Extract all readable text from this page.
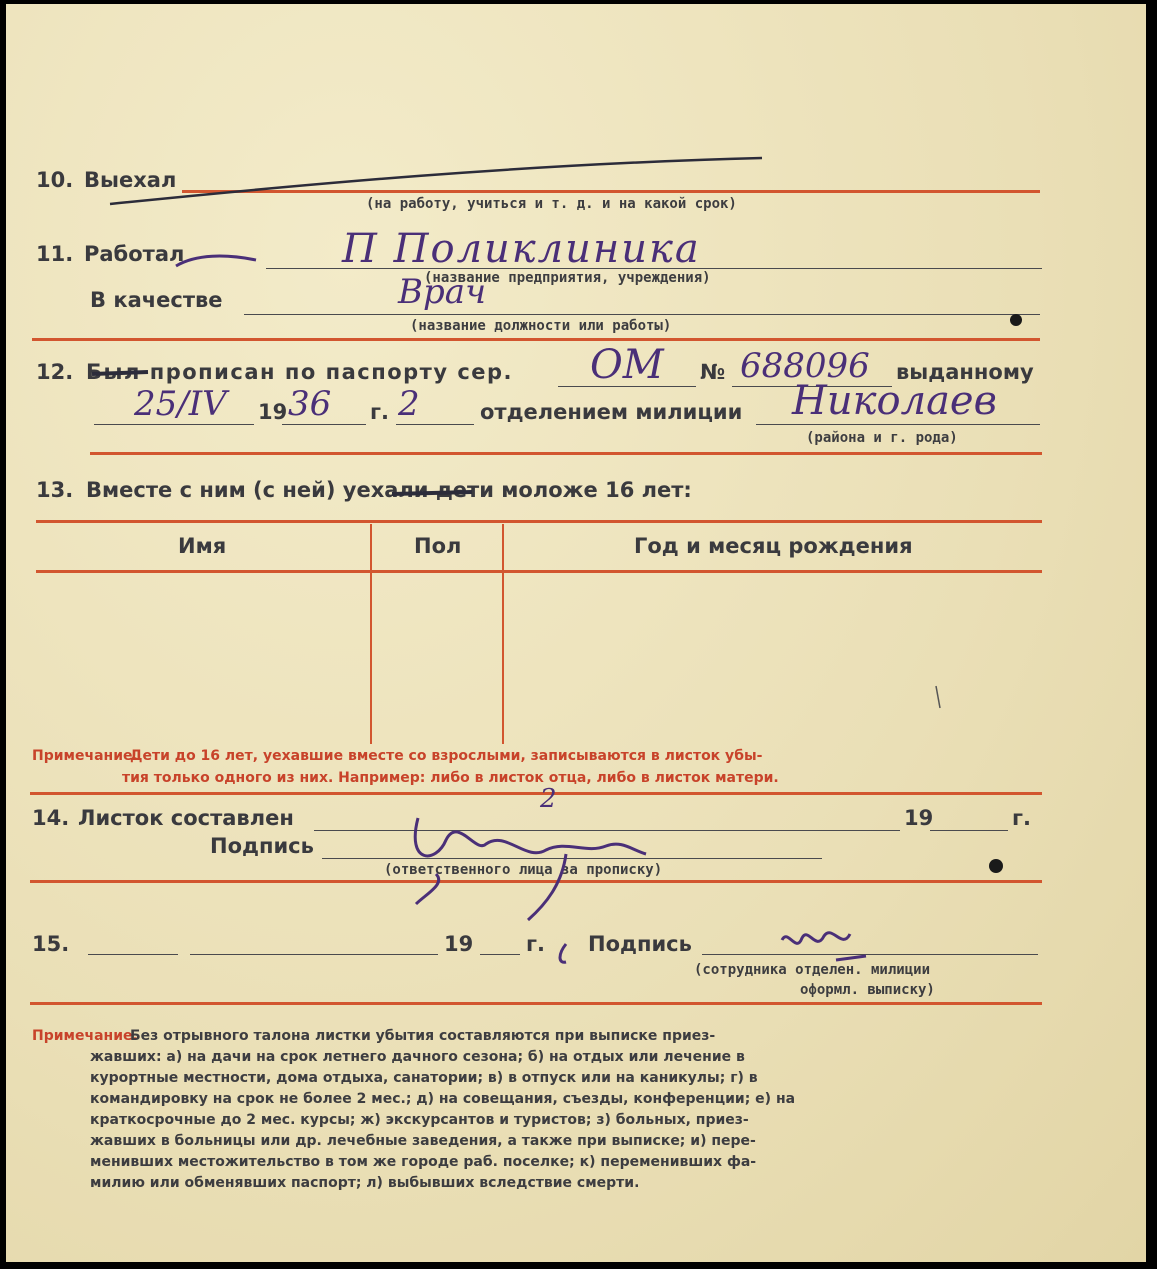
10. Выехал
(на работу, учиться и т. д. и на какой срок)
11. Работал	П Поликлиника
(название предприятия, учреждения)
В качестве	Врач
(название должности или работы)
12. Был прописан по паспорту сер. ОМ № 688096 выданному
25/IV 19 36 г. 2	отделением милиции Николаев
(района и г. рода)
13. Вместе с ним (с ней) уехали дети моложе 16 лет:
Имя	Пол	Год и месяц рождения
Примечание.
Дети до 16 лет, уехавшие вместе со взрослыми, записываются в листок убы-
тия только одного из них. Например: либо в листок отца, либо в листок матери.
14. Листок составлен
2
19	г.
Подпись
(ответственного лица за прописку)
15.	19	г. Подпись
(сотрудника отделен. милиции
оформл. выписку)
Примечание.
Без отрывного талона листки убытия составляются при выписке приез-
жавших: а) на дачи на срок летнего дачного сезона; б) на отдых или лечение в
курортные местности, дома отдыха, санатории; в) в отпуск или на каникулы; г) в
командировку на срок не более 2 мес.; д) на совещания, съезды, конференции; е) на
краткосрочные до 2 мес. курсы; ж) экскурсантов и туристов; з) больных, приез-
жавших в больницы или др. лечебные заведения, а также при выписке; и) пере-
менивших местожительство в том же городе раб. поселке; к) переменивших фа-
милию или обменявших паспорт; л) выбывших вследствие смерти.
